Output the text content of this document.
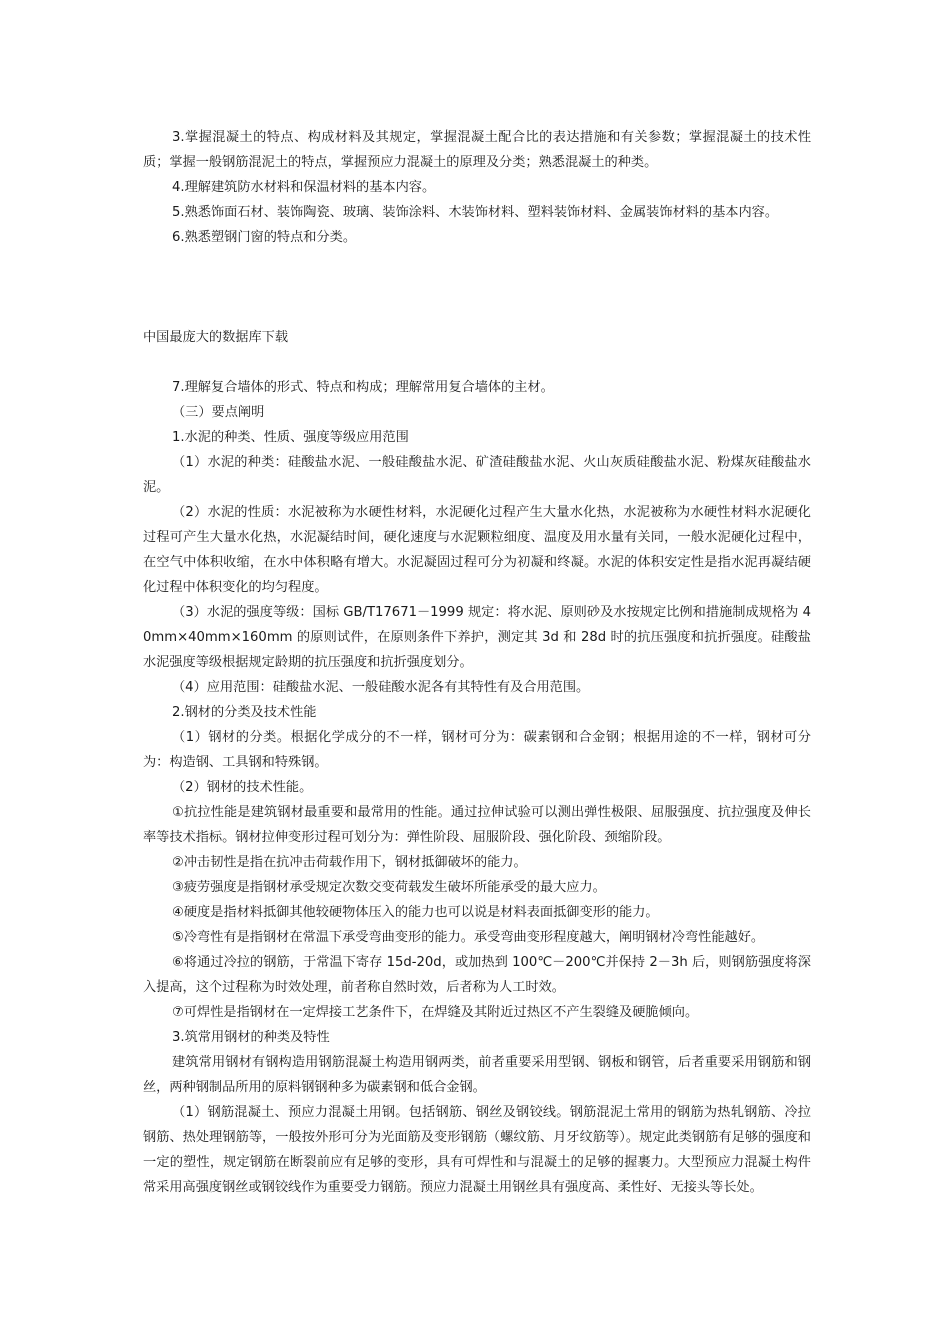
3.掌握混凝土的特点、构成材料及其规定，掌握混凝土配合比的表达措施和有关参数；掌握混凝土的技术性质；掌握一般钢筋混泥土的特点，掌握预应力混凝土的原理及分类；熟悉混凝土的种类。

4.理解建筑防水材料和保温材料的基本内容。

5.熟悉饰面石材、装饰陶瓷、玻璃、装饰涂料、木装饰材料、塑料装饰材料、金属装饰材料的基本内容。

6.熟悉塑钢门窗的特点和分类。

中国最庞大的数据库下载

7.理解复合墙体的形式、特点和构成；理解常用复合墙体的主材。

（三）要点阐明

1.水泥的种类、性质、强度等级应用范围

（1）水泥的种类：硅酸盐水泥、一般硅酸盐水泥、矿渣硅酸盐水泥、火山灰质硅酸盐水泥、粉煤灰硅酸盐水泥。

（2）水泥的性质：水泥被称为水硬性材料，水泥硬化过程产生大量水化热，水泥被称为水硬性材料水泥硬化过程可产生大量水化热，水泥凝结时间，硬化速度与水泥颗粒细度、温度及用水量有关同，一般水泥硬化过程中，在空气中体积收缩，在水中体积略有增大。水泥凝固过程可分为初凝和终凝。水泥的体积安定性是指水泥再凝结硬化过程中体积变化的均匀程度。

（3）水泥的强度等级：国标 GB/T17671－1999 规定：将水泥、原则砂及水按规定比例和措施制成规格为 40mm×40mm×160mm 的原则试件，在原则条件下养护，测定其 3d 和 28d 时的抗压强度和抗折强度。硅酸盐水泥强度等级根据规定龄期的抗压强度和抗折强度划分。

（4）应用范围：硅酸盐水泥、一般硅酸水泥各有其特性有及合用范围。

2.钢材的分类及技术性能

（1）钢材的分类。根据化学成分的不一样，钢材可分为：碳素钢和合金钢；根据用途的不一样，钢材可分为：构造钢、工具钢和特殊钢。

（2）钢材的技术性能。

①抗拉性能是建筑钢材最重要和最常用的性能。通过拉伸试验可以测出弹性极限、屈服强度、抗拉强度及伸长率等技术指标。钢材拉伸变形过程可划分为：弹性阶段、屈服阶段、强化阶段、颈缩阶段。

②冲击韧性是指在抗冲击荷载作用下，钢材抵御破坏的能力。

③疲劳强度是指钢材承受规定次数交变荷载发生破坏所能承受的最大应力。

④硬度是指材料抵御其他较硬物体压入的能力也可以说是材料表面抵御变形的能力。

⑤冷弯性有是指钢材在常温下承受弯曲变形的能力。承受弯曲变形程度越大，阐明钢材冷弯性能越好。

⑥将通过冷拉的钢筋，于常温下寄存 15d-20d，或加热到 100℃－200℃并保持 2－3h 后，则钢筋强度将深入提高，这个过程称为时效处理，前者称自然时效，后者称为人工时效。

⑦可焊性是指钢材在一定焊接工艺条件下，在焊缝及其附近过热区不产生裂缝及硬脆倾向。

3.筑常用钢材的种类及特性

建筑常用钢材有钢构造用钢筋混凝土构造用钢两类，前者重要采用型钢、钢板和钢管，后者重要采用钢筋和钢丝，两种钢制品所用的原料钢钢种多为碳素钢和低合金钢。

（1）钢筋混凝土、预应力混凝土用钢。包括钢筋、钢丝及钢铰线。钢筋混泥土常用的钢筋为热轧钢筋、冷拉钢筋、热处理钢筋等，一般按外形可分为光面筋及变形钢筋（螺纹筋、月牙纹筋等）。规定此类钢筋有足够的强度和一定的塑性，规定钢筋在断裂前应有足够的变形，具有可焊性和与混凝土的足够的握裹力。大型预应力混凝土构件常采用高强度钢丝或钢铰线作为重要受力钢筋。预应力混凝土用钢丝具有强度高、柔性好、无接头等长处。
